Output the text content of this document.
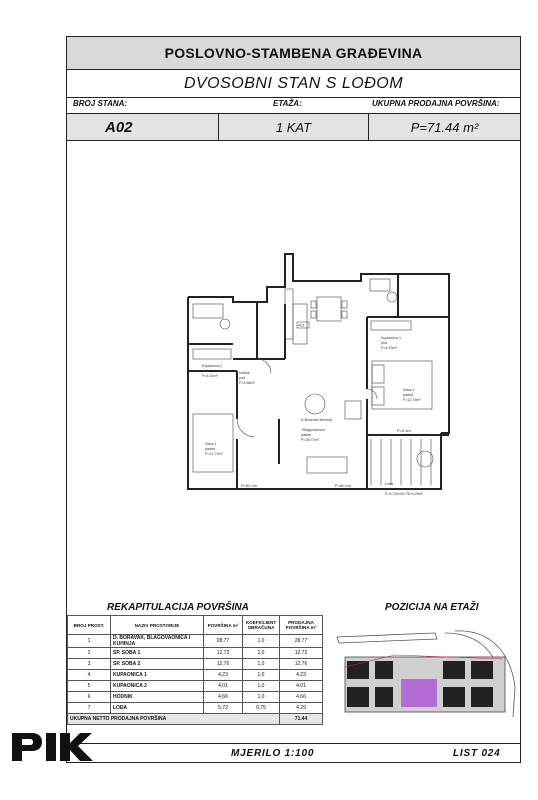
POSLOVNO-STAMBENA GRAĐEVINA
DVOSOBNI STAN S LOĐOM
BROJ STANA:	ETAŽA:	UKUPNA PRODAJNA POVRŠINA:
A02	1 KAT	P=71.44 m²
A02
Kupaonica 2
pod
P=4.01m²
hodnik
pod
P=4.66m²
Kupaonica 1
pod
P=4.23m²
Soba 2
parket
P=12.76m²
D.Boravak+Kuhinja
+Blagovaonica
parket
P=28.77m²
Soba 1
parket
P=12.72m²
Lođa
pod
P=5.72m²x0.75=4.29m²
P=60 cm	P=60 cm
P=0 cm
REKAPITULACIJA POVRŠINA	POZICIJA NA ETAŽI
BROJ PROST.	NAZIV PROSTORIJE	POVRŠINA m²	KOEFICIJENT OBRAČUNA	PRODAJNA POVRŠINA m²
1	D. BORAVAK, BLAGOVAONICA I KUHINJA	28,77	1,0	28.77
2	SP. SOBA 1	12,72	1,0	12.72
3	SP. SOBA 2	12,76	1,0	12.76
4	KUPAONICA 1	4,23	1,0	4.23
5	KUPAONICA 2	4,01	1,0	4.01
6	HODNIK	4,66	1,0	4.66
7	LOĐA	5,72	0,75	4.29
UKUPNA NETTO PRODAJNA POVRŠINA				71.44
MJERILO 1:100	LIST 024
